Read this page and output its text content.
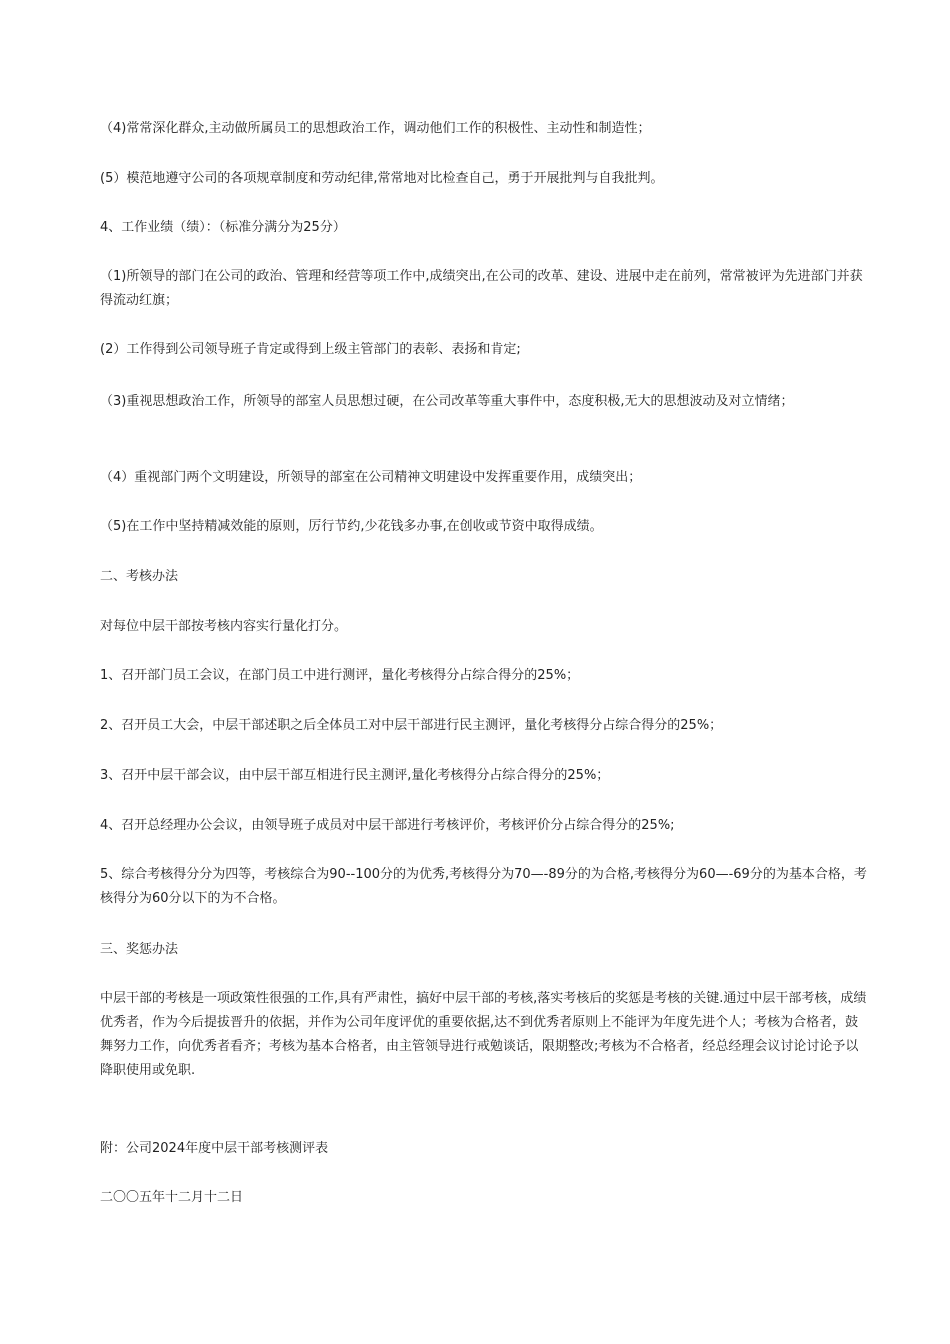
（4)常常深化群众,主动做所属员工的思想政治工作，调动他们工作的积极性、主动性和制造性；

(5）模范地遵守公司的各项规章制度和劳动纪律,常常地对比检查自己，勇于开展批判与自我批判。

4、工作业绩（绩）：（标准分满分为25分）

（1)所领导的部门在公司的政治、管理和经营等项工作中,成绩突出,在公司的改革、建设、进展中走在前列，常常被评为先进部门并获得流动红旗；

(2）工作得到公司领导班子肯定或得到上级主管部门的表彰、表扬和肯定;

（3)重视思想政治工作，所领导的部室人员思想过硬，在公司改革等重大事件中，态度积极,无大的思想波动及对立情绪；

（4）重视部门两个文明建设，所领导的部室在公司精神文明建设中发挥重要作用，成绩突出；

（5)在工作中坚持精减效能的原则，厉行节约,少花钱多办事,在创收或节资中取得成绩。

二、考核办法

对每位中层干部按考核内容实行量化打分。

1、召开部门员工会议，在部门员工中进行测评，量化考核得分占综合得分的25%；

2、召开员工大会，中层干部述职之后全体员工对中层干部进行民主测评，量化考核得分占综合得分的25%；

3、召开中层干部会议，由中层干部互相进行民主测评,量化考核得分占综合得分的25%；

4、召开总经理办公会议，由领导班子成员对中层干部进行考核评价，考核评价分占综合得分的25%;

5、综合考核得分分为四等，考核综合为90--100分的为优秀,考核得分为70—-89分的为合格,考核得分为60—-69分的为基本合格，考核得分为60分以下的为不合格。

三、奖惩办法

中层干部的考核是一项政策性很强的工作,具有严肃性，搞好中层干部的考核,落实考核后的奖惩是考核的关键.通过中层干部考核，成绩优秀者，作为今后提拔晋升的依据，并作为公司年度评优的重要依据,达不到优秀者原则上不能评为年度先进个人；考核为合格者，鼓舞努力工作，向优秀者看齐；考核为基本合格者，由主管领导进行戒勉谈话，限期整改;考核为不合格者，经总经理会议讨论讨论予以降职使用或免职.

附：公司2024年度中层干部考核测评表

二〇〇五年十二月十二日
